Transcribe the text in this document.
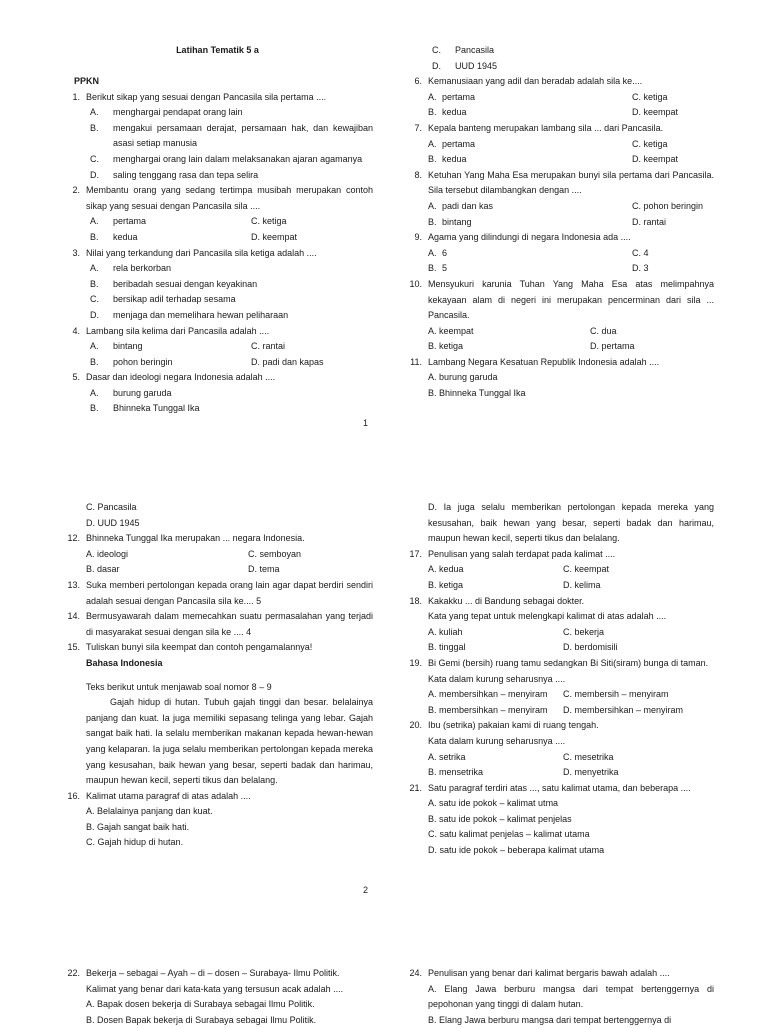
Latihan Tematik 5 a
PPKN
1. Berikut sikap yang sesuai dengan Pancasila sila pertama ....
A. menghargai pendapat orang lain
B. mengakui persamaan derajat, persamaan hak, dan kewajiban asasi setiap manusia
C. menghargai orang lain dalam melaksanakan ajaran agamanya
D. saling tenggang rasa dan tepa selira
2. Membantu orang yang sedang tertimpa musibah merupakan contoh sikap yang sesuai dengan Pancasila sila ....
A. pertama	C. ketiga
B. kedua	D. keempat
3. Nilai yang terkandung dari Pancasila sila ketiga adalah ....
A. rela berkorban
B. beribadah sesuai dengan keyakinan
C. bersikap adil terhadap sesama
D. menjaga dan memelihara hewan peliharaan
4. Lambang sila kelima dari Pancasila adalah ....
A. bintang	C. rantai
B. pohon beringin	D. padi dan kapas
5. Dasar dan ideologi negara Indonesia adalah ....
A. burung garuda
B. Bhinneka Tunggal Ika
C. Pancasila
D. UUD 1945
6. Kemanusiaan yang adil dan beradab adalah sila ke....
A. pertama	C. ketiga
B. kedua	D. keempat
7. Kepala banteng merupakan lambang sila ... dari Pancasila.
A. pertama	C. ketiga
B. kedua	D. keempat
8. Ketuhan Yang Maha Esa merupakan bunyi sila pertama dari Pancasila. Sila tersebut dilambangkan dengan ....
A. padi dan kas	C. pohon beringin
B. bintang	D. rantai
9. Agama yang dilindungi di negara Indonesia ada ....
A. 6	C. 4
B. 5	D. 3
10. Mensyukuri karunia Tuhan Yang Maha Esa atas melimpahnya kekayaan alam di negeri ini merupakan pencerminan dari sila ... Pancasila.
A. keempat	C. dua
B. ketiga	D. pertama
11. Lambang Negara Kesatuan Republik Indonesia adalah ....
A. burung garuda
B. Bhinneka Tunggal Ika
1
C. Pancasila
D. UUD 1945
12. Bhinneka Tunggal Ika merupakan ... negara Indonesia.
A. ideologi	C. semboyan
B. dasar	D. tema
13. Suka memberi pertolongan kepada orang lain agar dapat berdiri sendiri adalah sesuai dengan Pancasila sila ke.... 5
14. Bermusyawarah dalam memecahkan suatu permasalahan yang terjadi di masyarakat sesuai dengan sila ke .... 4
15. Tuliskan bunyi sila keempat dan contoh pengamalannya!
Bahasa Indonesia
Teks berikut untuk menjawab soal nomor 8 – 9
Gajah hidup di hutan. Tubuh gajah tinggi dan besar. belalainya panjang dan kuat. Ia juga memiliki sepasang telinga yang lebar. Gajah sangat baik hati. Ia selalu memberikan makanan kepada hewan-hewan yang kelaparan. Ia juga selalu memberikan pertolongan kepada mereka yang kesusahan, baik hewan yang besar, seperti badak dan harimau, maupun hewan kecil, seperti tikus dan belalang.
16. Kalimat utama paragraf di atas adalah ....
A. Belalainya panjang dan kuat.
B. Gajah sangat baik hati.
C. Gajah hidup di hutan.
D. Ia juga selalu memberikan pertolongan kepada mereka yang kesusahan, baik hewan yang besar, seperti badak dan harimau, maupun hewan kecil, seperti tikus dan belalang.
17. Penulisan yang salah terdapat pada kalimat ....
A. kedua	C. keempat
B. ketiga	D. kelima
18. Kakakku ... di Bandung sebagai dokter.
Kata yang tepat untuk melengkapi kalimat di atas adalah ....
A. kuliah	C. bekerja
B. tinggal	D. berdomisili
19. Bi Gemi (bersih) ruang tamu sedangkan Bi Siti(siram) bunga di taman.
Kata dalam kurung seharusnya ....
A. membersihkan – menyiram	C. membersih – menyiram
B. membersihkan – menyiram	D. membersihkan – menyiram
20. Ibu (setrika) pakaian kami di ruang tengah.
Kata dalam kurung seharusnya ....
A. setrika	C. mesetrika
B. mensetrika	D. menyetrika
21. Satu paragraf terdiri atas ..., satu kalimat utama, dan beberapa ....
A. satu ide pokok – kalimat utma
B. satu ide pokok – kalimat penjelas
C. satu kalimat penjelas – kalimat utama
D. satu ide pokok – beberapa kalimat utama
2
22. Bekerja – sebagai – Ayah – di – dosen – Surabaya- Ilmu Politik.
Kalimat yang benar dari kata-kata yang tersusun acak adalah ....
A. Bapak dosen bekerja di Surabaya sebagai Ilmu Politik.
B. Dosen Bapak bekerja di Surabaya sebagai Ilmu Politik.
24. Penulisan yang benar dari kalimat bergaris bawah adalah ....
A. Elang Jawa berburu mangsa dari tempat bertenggernya di pepohonan yang tinggi di dalam hutan.
B. Elang Jawa berburu mangsa dari tempat bertenggernya di
